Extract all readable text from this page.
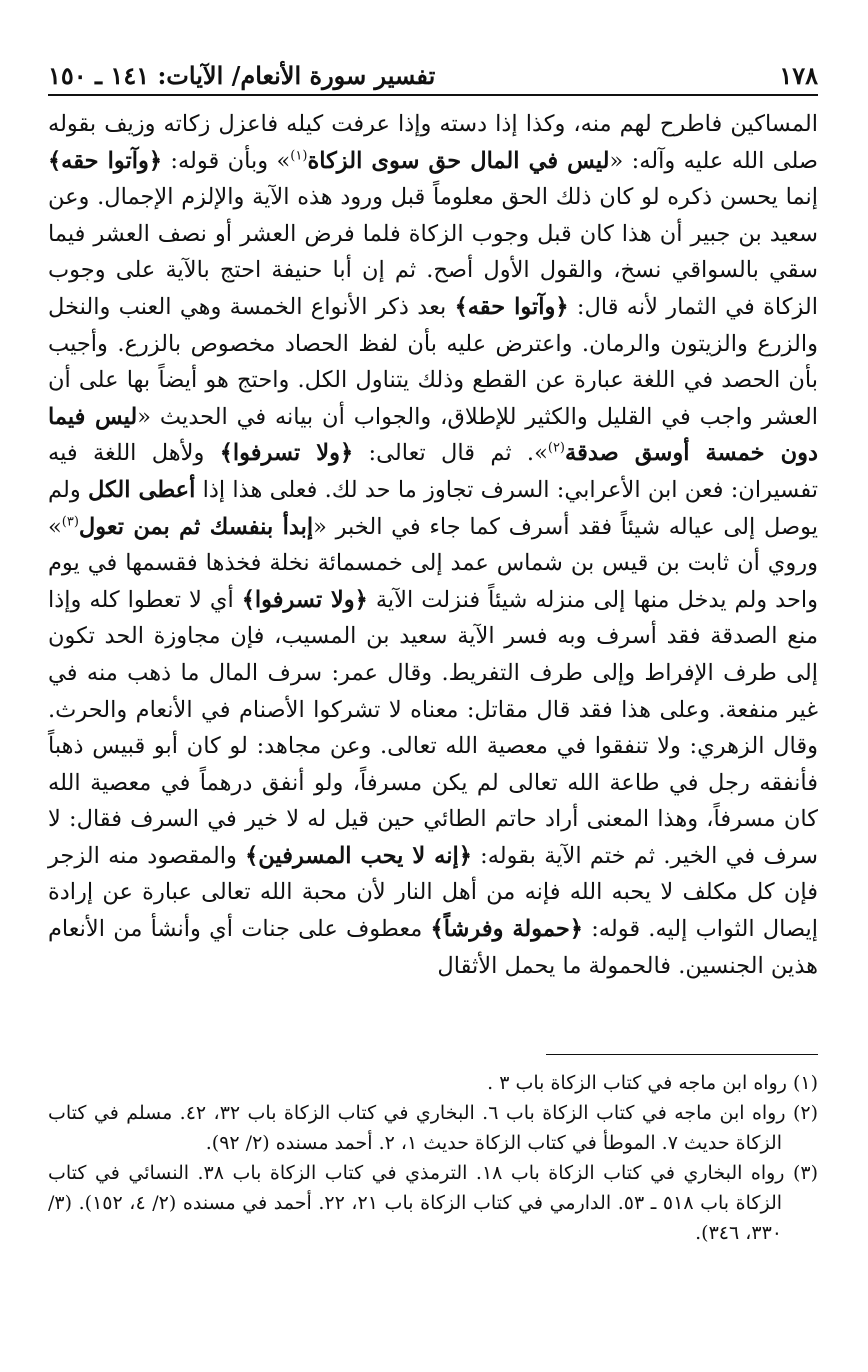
١٧٨
تفسير سورة الأنعام/ الآيات: ١٤١ ـ ١٥٠

المساكين فاطرح لهم منه، وكذا إذا دسته وإذا عرفت كيله فاعزل زكاته وزيف بقوله صلى الله عليه وآله: «ليس في المال حق سوى الزكاة$^{(١)}$» وبأن قوله: ﴿وآتوا حقه﴾ إنما يحسن ذكره لو كان ذلك الحق معلوماً قبل ورود هذه الآية والإلزم الإجمال. وعن سعيد بن جبير أن هذا كان قبل وجوب الزكاة فلما فرض العشر أو نصف العشر فيما سقي بالسواقي نسخ، والقول الأول أصح. ثم إن أبا حنيفة احتج بالآية على وجوب الزكاة في الثمار لأنه قال: ﴿وآتوا حقه﴾ بعد ذكر الأنواع الخمسة وهي العنب والنخل والزرع والزيتون والرمان. واعترض عليه بأن لفظ الحصاد مخصوص بالزرع. وأجيب بأن الحصد في اللغة عبارة عن القطع وذلك يتناول الكل. واحتج هو أيضاً بها على أن العشر واجب في القليل والكثير للإطلاق، والجواب أن بيانه في الحديث «ليس فيما دون خمسة أوسق صدقة$^{(٢)}$». ثم قال تعالى: ﴿ولا تسرفوا﴾ ولأهل اللغة فيه تفسيران: فعن ابن الأعرابي: السرف تجاوز ما حد لك. فعلى هذا إذا أعطى الكل ولم يوصل إلى عياله شيئاً فقد أسرف كما جاء في الخبر «إبدأ بنفسك ثم بمن تعول$^{(٣)}$» وروي أن ثابت بن قيس بن شماس عمد إلى خمسمائة نخلة فخذها فقسمها في يوم واحد ولم يدخل منها إلى منزله شيئاً فنزلت الآية ﴿ولا تسرفوا﴾ أي لا تعطوا كله وإذا منع الصدقة فقد أسرف وبه فسر الآية سعيد بن المسيب، فإن مجاوزة الحد تكون إلى طرف الإفراط وإلى طرف التفريط. وقال عمر: سرف المال ما ذهب منه في غير منفعة. وعلى هذا فقد قال مقاتل: معناه لا تشركوا الأصنام في الأنعام والحرث. وقال الزهري: ولا تنفقوا في معصية الله تعالى. وعن مجاهد: لو كان أبو قبيس ذهباً فأنفقه رجل في طاعة الله تعالى لم يكن مسرفاً، ولو أنفق درهماً في معصية الله كان مسرفاً، وهذا المعنى أراد حاتم الطائي حين قيل له لا خير في السرف فقال: لا سرف في الخير. ثم ختم الآية بقوله: ﴿إنه لا يحب المسرفين﴾ والمقصود منه الزجر فإن كل مكلف لا يحبه الله فإنه من أهل النار لأن محبة الله تعالى عبارة عن إرادة إيصال الثواب إليه. قوله: ﴿حمولة وفرشاً﴾ معطوف على جنات أي وأنشأ من الأنعام هذين الجنسين. فالحمولة ما يحمل الأثقال

(١) رواه ابن ماجه في كتاب الزكاة باب ٣ .

(٢) رواه ابن ماجه في كتاب الزكاة باب ٦. البخاري في كتاب الزكاة باب ٣٢، ٤٢. مسلم في كتاب الزكاة حديث ٧. الموطأ في كتاب الزكاة حديث ١، ٢. أحمد مسنده (٢/ ٩٢).

(٣) رواه البخاري في كتاب الزكاة باب ١٨. الترمذي في كتاب الزكاة باب ٣٨. النسائي في كتاب الزكاة باب ٥١٨ ـ ٥٣. الدارمي في كتاب الزكاة باب ٢١، ٢٢. أحمد في مسنده (٢/ ٤، ١٥٢). (٣/ ٣٣٠، ٣٤٦).
